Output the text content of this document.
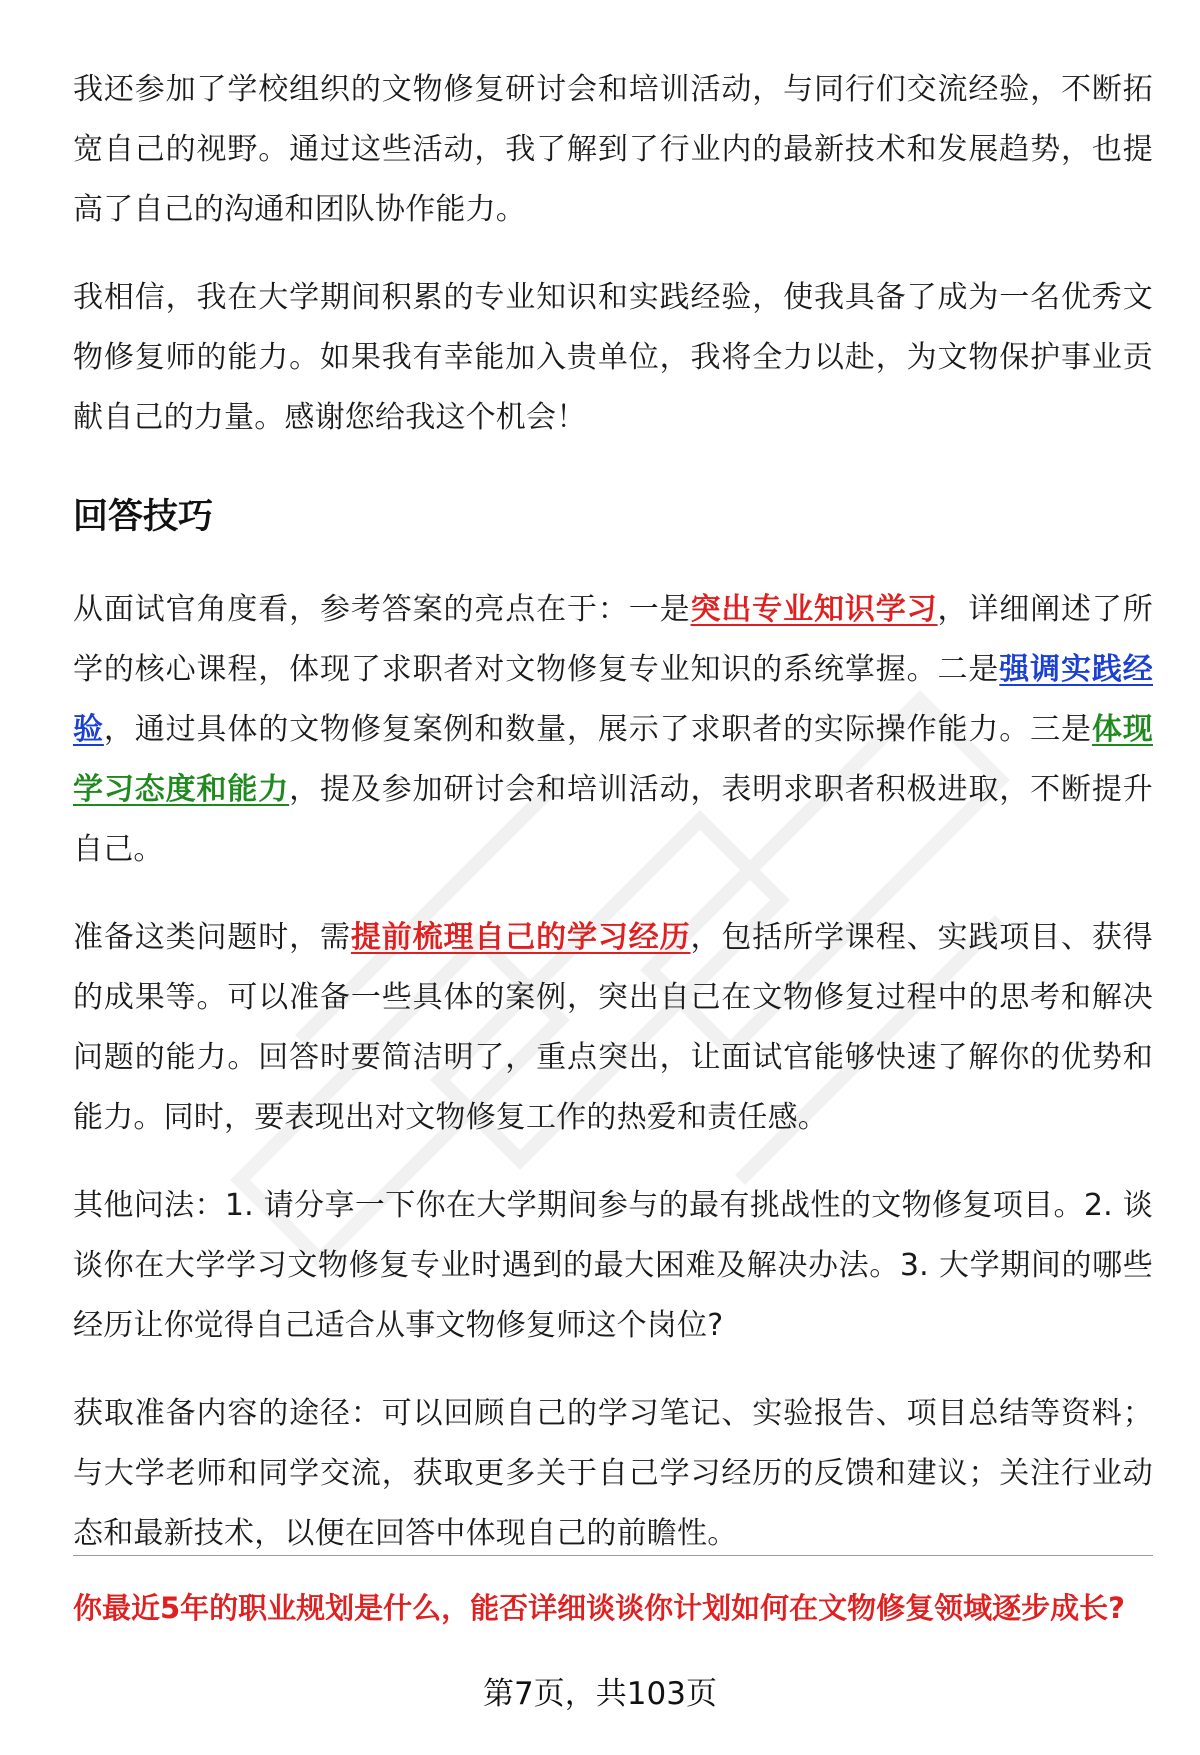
我还参加了学校组织的文物修复研讨会和培训活动，与同行们交流经验，不断拓宽自己的视野。通过这些活动，我了解到了行业内的最新技术和发展趋势，也提高了自己的沟通和团队协作能力。

我相信，我在大学期间积累的专业知识和实践经验，使我具备了成为一名优秀文物修复师的能力。如果我有幸能加入贵单位，我将全力以赴，为文物保护事业贡献自己的力量。感谢您给我这个机会！

回答技巧

从面试官角度看，参考答案的亮点在于：一是突出专业知识学习，详细阐述了所学的核心课程，体现了求职者对文物修复专业知识的系统掌握。二是强调实践经验，通过具体的文物修复案例和数量，展示了求职者的实际操作能力。三是体现学习态度和能力，提及参加研讨会和培训活动，表明求职者积极进取，不断提升自己。

准备这类问题时，需提前梳理自己的学习经历，包括所学课程、实践项目、获得的成果等。可以准备一些具体的案例，突出自己在文物修复过程中的思考和解决问题的能力。回答时要简洁明了，重点突出，让面试官能够快速了解你的优势和能力。同时，要表现出对文物修复工作的热爱和责任感。

其他问法：1. 请分享一下你在大学期间参与的最有挑战性的文物修复项目。2. 谈谈你在大学学习文物修复专业时遇到的最大困难及解决办法。3. 大学期间的哪些经历让你觉得自己适合从事文物修复师这个岗位?

获取准备内容的途径：可以回顾自己的学习笔记、实验报告、项目总结等资料；与大学老师和同学交流，获取更多关于自己学习经历的反馈和建议；关注行业动态和最新技术，以便在回答中体现自己的前瞻性。

你最近5年的职业规划是什么，能否详细谈谈你计划如何在文物修复领域逐步成长?
第7页，共103页
